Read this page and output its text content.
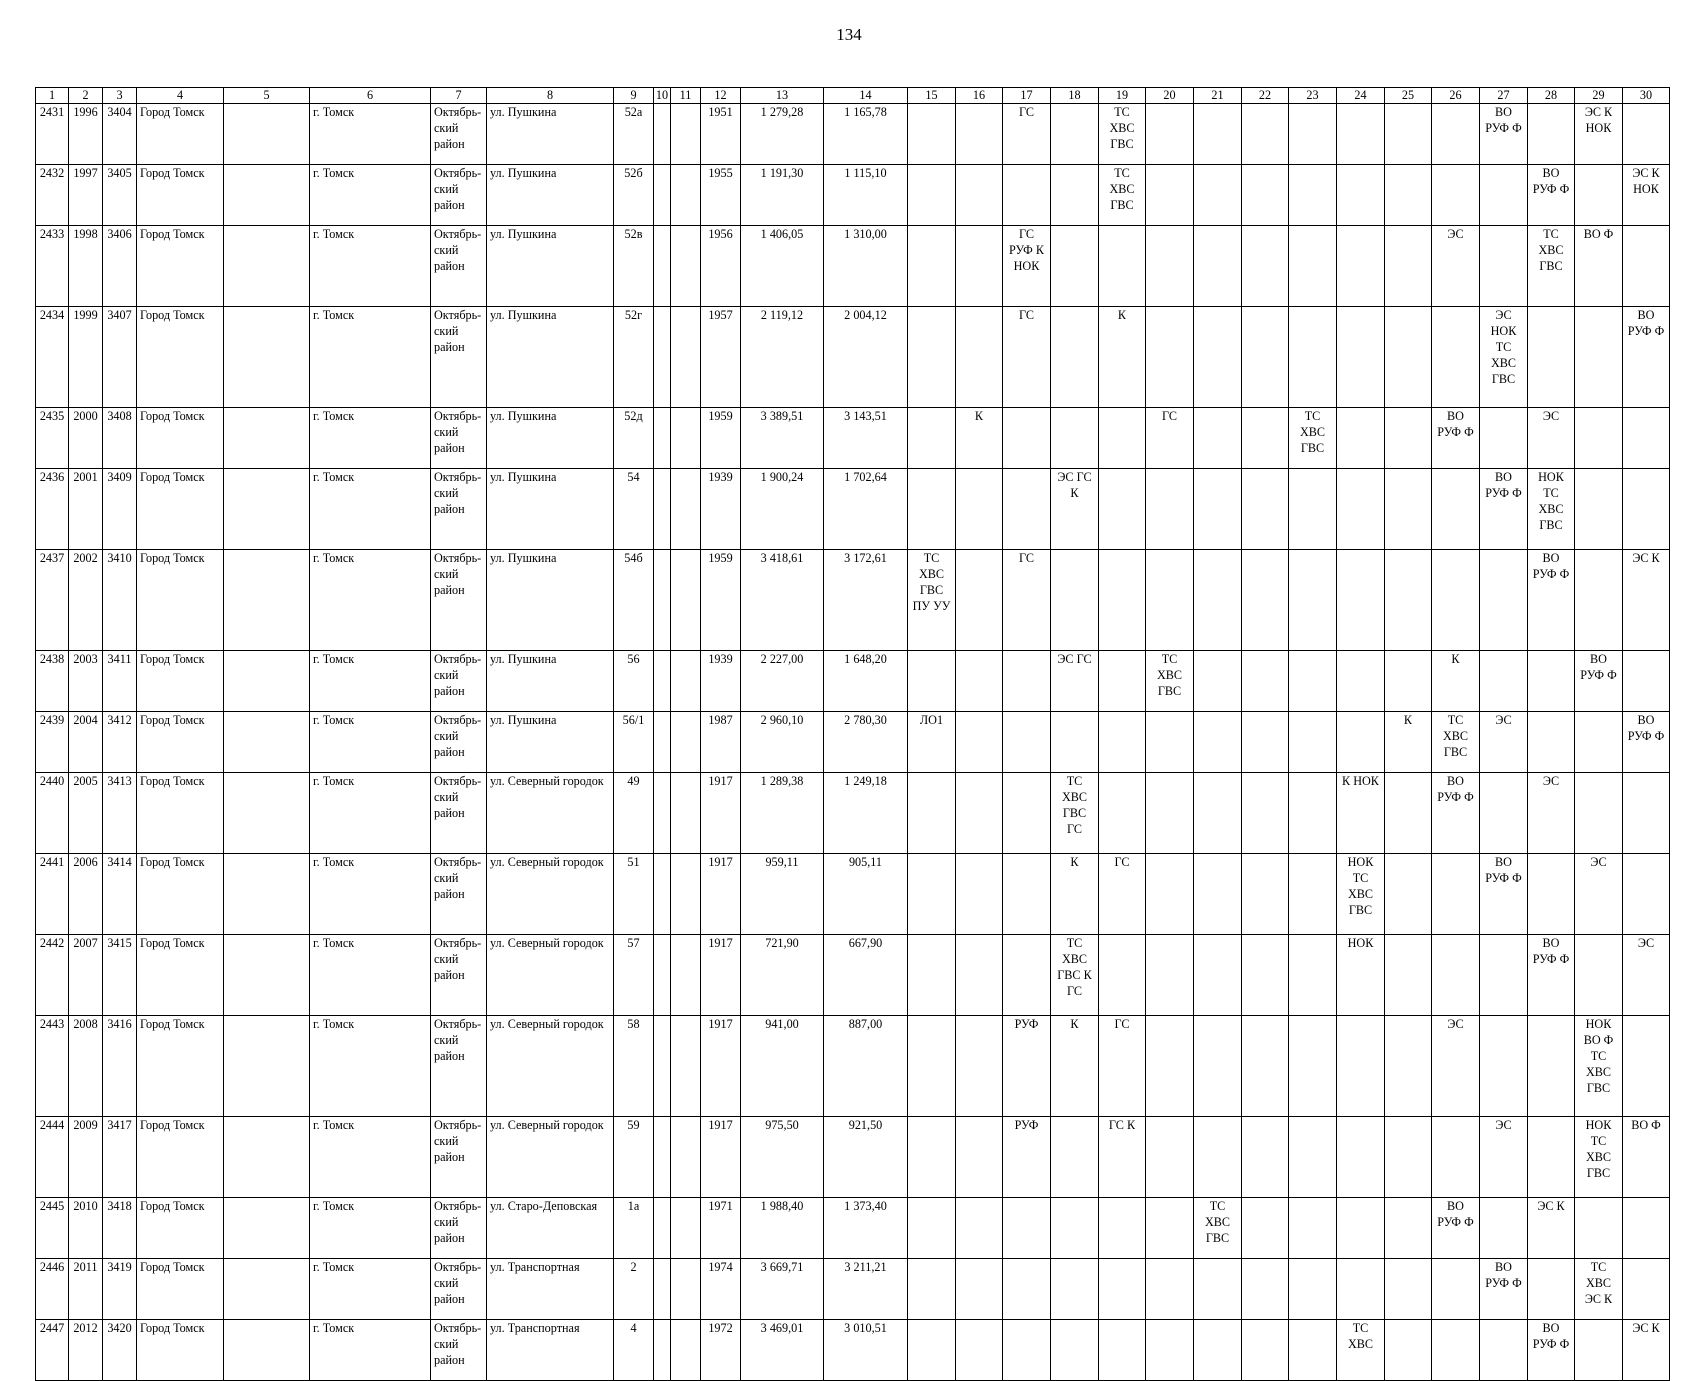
134
1	2	3	4	5	6	7	8	9	10	11	12	13	14	15	16	17	18	19	20	21	22	23	24	25	26	27	28	29	30
2431	1996	3404	Город Томск		г. Томск	Октябрь-
ский
район	ул. Пушкина	52а			1951	1 279,28	1 165,78			ГС		ТС
ХВС
ГВС								ВО
РУФ Ф		ЭС К
НОК	
2432	1997	3405	Город Томск		г. Томск	Октябрь-
ский
район	ул. Пушкина	52б			1955	1 191,30	1 115,10					ТС
ХВС
ГВС									ВО
РУФ Ф		ЭС К
НОК
2433	1998	3406	Город Томск		г. Томск	Октябрь-
ский
район	ул. Пушкина	52в			1956	1 406,05	1 310,00			ГС
РУФ К
НОК									ЭС		ТС
ХВС
ГВС	ВО Ф	
2434	1999	3407	Город Томск		г. Томск	Октябрь-
ский
район	ул. Пушкина	52г			1957	2 119,12	2 004,12			ГС		К								ЭС
НОК
ТС
ХВС
ГВС			ВО
РУФ Ф
2435	2000	3408	Город Томск		г. Томск	Октябрь-
ский
район	ул. Пушкина	52д			1959	3 389,51	3 143,51		К				ГС			ТС
ХВС
ГВС			ВО
РУФ Ф		ЭС		
2436	2001	3409	Город Томск		г. Томск	Октябрь-
ский
район	ул. Пушкина	54			1939	1 900,24	1 702,64				ЭС ГС
К									ВО
РУФ Ф	НОК
ТС
ХВС
ГВС		
2437	2002	3410	Город Томск		г. Томск	Октябрь-
ский
район	ул. Пушкина	54б			1959	3 418,61	3 172,61	ТС
ХВС
ГВС
ПУ УУ		ГС											ВО
РУФ Ф		ЭС К
2438	2003	3411	Город Томск		г. Томск	Октябрь-
ский
район	ул. Пушкина	56			1939	2 227,00	1 648,20				ЭС ГС		ТС
ХВС
ГВС						К			ВО
РУФ Ф	
2439	2004	3412	Город Томск		г. Томск	Октябрь-
ский
район	ул. Пушкина	56/1			1987	2 960,10	2 780,30	ЛО1										К	ТС
ХВС
ГВС	ЭС			ВО
РУФ Ф
2440	2005	3413	Город Томск		г. Томск	Октябрь-
ский
район	ул. Северный городок	49			1917	1 289,38	1 249,18				ТС
ХВС
ГВС
ГС						К НОК		ВО
РУФ Ф		ЭС		
2441	2006	3414	Город Томск		г. Томск	Октябрь-
ский
район	ул. Северный городок	51			1917	959,11	905,11				К	ГС					НОК
ТС
ХВС
ГВС			ВО
РУФ Ф		ЭС	
2442	2007	3415	Город Томск		г. Томск	Октябрь-
ский
район	ул. Северный городок	57			1917	721,90	667,90				ТС
ХВС
ГВС К
ГС						НОК				ВО
РУФ Ф		ЭС
2443	2008	3416	Город Томск		г. Томск	Октябрь-
ский
район	ул. Северный городок	58			1917	941,00	887,00			РУФ	К	ГС							ЭС			НОК
ВО Ф
ТС
ХВС
ГВС	
2444	2009	3417	Город Томск		г. Томск	Октябрь-
ский
район	ул. Северный городок	59			1917	975,50	921,50			РУФ		ГС К								ЭС		НОК
ТС
ХВС
ГВС	ВО Ф
2445	2010	3418	Город Томск		г. Томск	Октябрь-
ский
район	ул. Старо-Деповская	1а			1971	1 988,40	1 373,40							ТС
ХВС
ГВС					ВО
РУФ Ф		ЭС К		
2446	2011	3419	Город Томск		г. Томск	Октябрь-
ский
район	ул. Транспортная	2			1974	3 669,71	3 211,21													ВО
РУФ Ф		ТС
ХВС
ЭС К	
2447	2012	3420	Город Томск		г. Томск	Октябрь-
ский
район	ул. Транспортная	4			1972	3 469,01	3 010,51										ТС
ХВС				ВО
РУФ Ф		ЭС К
